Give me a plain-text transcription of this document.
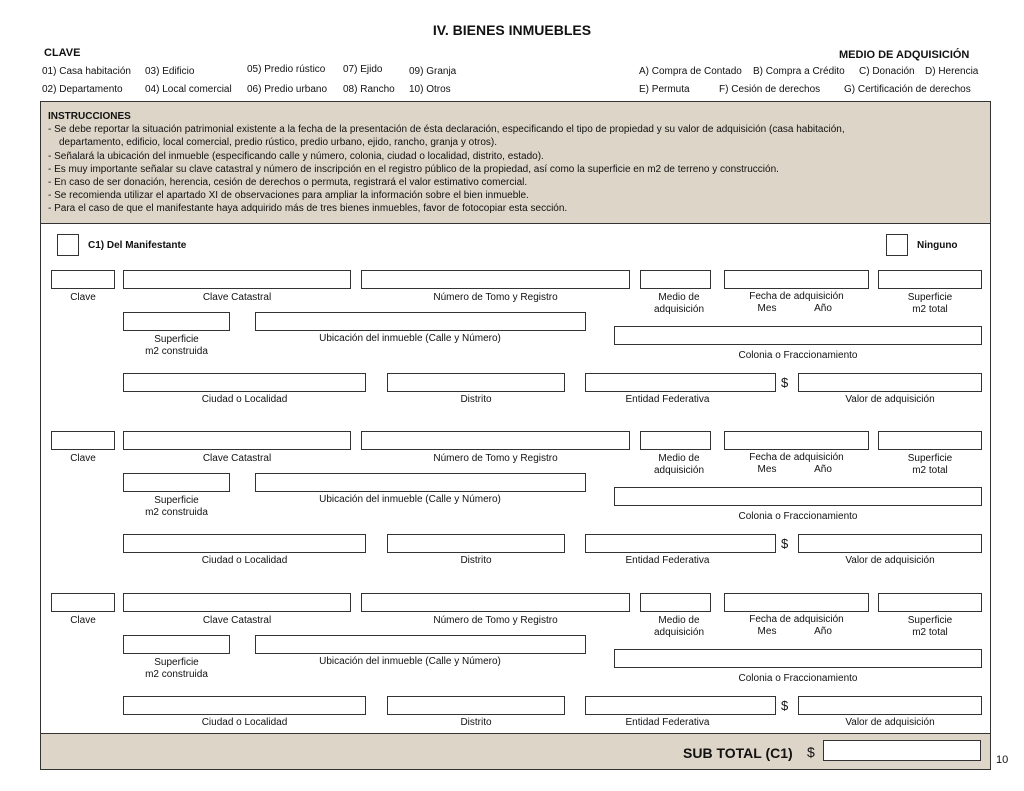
IV. BIENES INMUEBLES
CLAVE	MEDIO DE ADQUISICIÓN
01) Casa habitación 03) Edificio	05) Predio rústico 07) Ejido	09) Granja
02) Departamento 04) Local comercial 06) Predio urbano 08) Rancho 10) Otros
A) Compra de Contado B) Compra a Crédito C) Donación D) Herencia
E) Permuta	F) Cesión de derechos G) Certificación de derechos
INSTRUCCIONES
- Se debe reportar la situación patrimonial existente a la fecha de la presentación de ésta declaración, especificando el tipo de propiedad y su valor de adquisición (casa habitación,
departamento, edificio, local comercial, predio rústico, predio urbano, ejido, rancho, granja y otros).
- Señalará la ubicación del inmueble (especificando calle y número, colonia, ciudad o localidad, distrito, estado).
- Es muy importante señalar su clave catastral y número de inscripción en el registro público de la propiedad, así como la superficie en m2 de terreno y construcción.
- En caso de ser donación, herencia, cesión de derechos o permuta, registrará el valor estimativo comercial.
- Se recomienda utilizar el apartado XI de observaciones para ampliar la información sobre el bien inmueble.
- Para el caso de que el manifestante haya adquirido más de tres bienes inmuebles, favor de fotocopiar esta sección.
C1) Del Manifestante	Ninguno
Clave	Clave Catastral	Número de Tomo y Registro	Medio de
adquisición
Fecha de adquisición
Mes	Año
Superficie
m2 total
Superficie
m2 construida
Ubicación del inmueble (Calle y Número)
Colonia o Fraccionamiento
Ciudad o Localidad	Distrito	Entidad Federativa	Valor de adquisición
$
Clave	Clave Catastral	Número de Tomo y Registro	Medio de
adquisición
Fecha de adquisición
Mes	Año
Superficie
m2 total
Superficie
m2 construida
Ubicación del inmueble (Calle y Número)
Colonia o Fraccionamiento
Ciudad o Localidad	Distrito	Entidad Federativa	Valor de adquisición
$
Clave	Clave Catastral	Número de Tomo y Registro	Medio de
adquisición
Fecha de adquisición
Mes	Año
Superficie
m2 total
Superficie
m2 construida
Ubicación del inmueble (Calle y Número)
Colonia o Fraccionamiento
Ciudad o Localidad	Distrito	Entidad Federativa	Valor de adquisición
$
SUB TOTAL (C1) $	10
